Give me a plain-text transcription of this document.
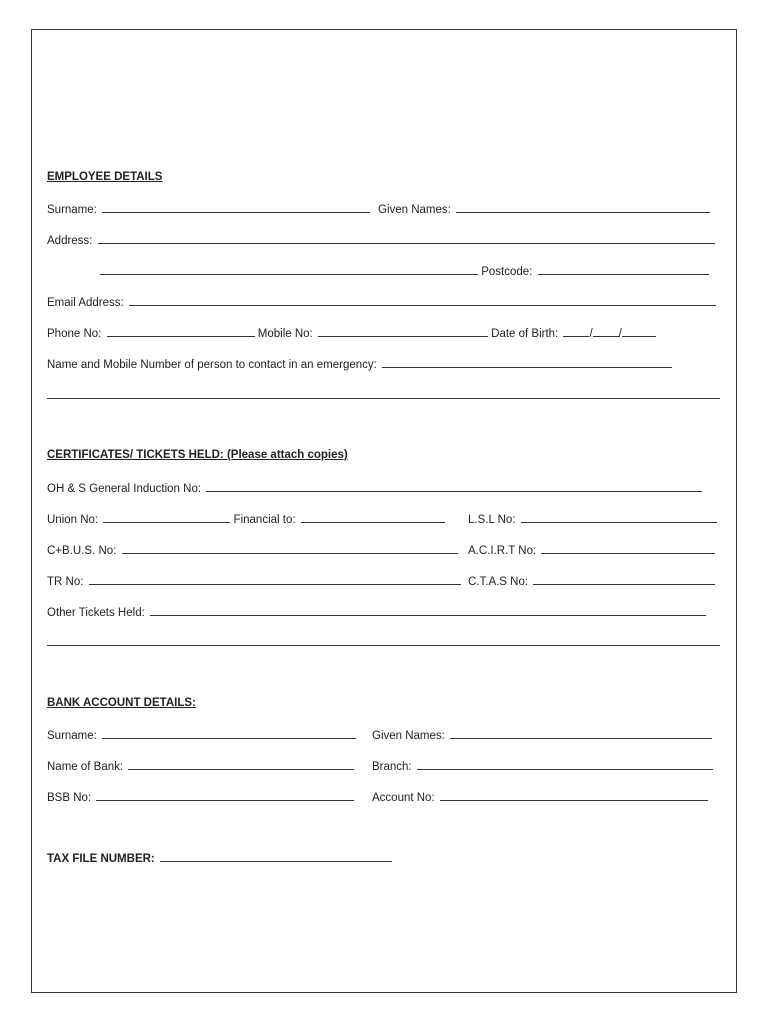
EMPLOYEE DETAILS
Surname:	Given Names:
Address:
Postcode:
Email Address:
Phone No:	Mobile No:	Date of Birth:	/ /
Name and Mobile Number of person to contact in an emergency:
CERTIFICATES/ TICKETS HELD: (Please attach copies)
OH & S General Induction No:
Union No:	Financial to:	L.S.L No:
C+B.U.S. No:	A.C.I.R.T No:
TR No:	C.T.A.S No:
Other Tickets Held:
BANK ACCOUNT DETAILS:
Surname:	Given Names:
Name of Bank:	Branch:
BSB No:	Account No:
TAX FILE NUMBER:
